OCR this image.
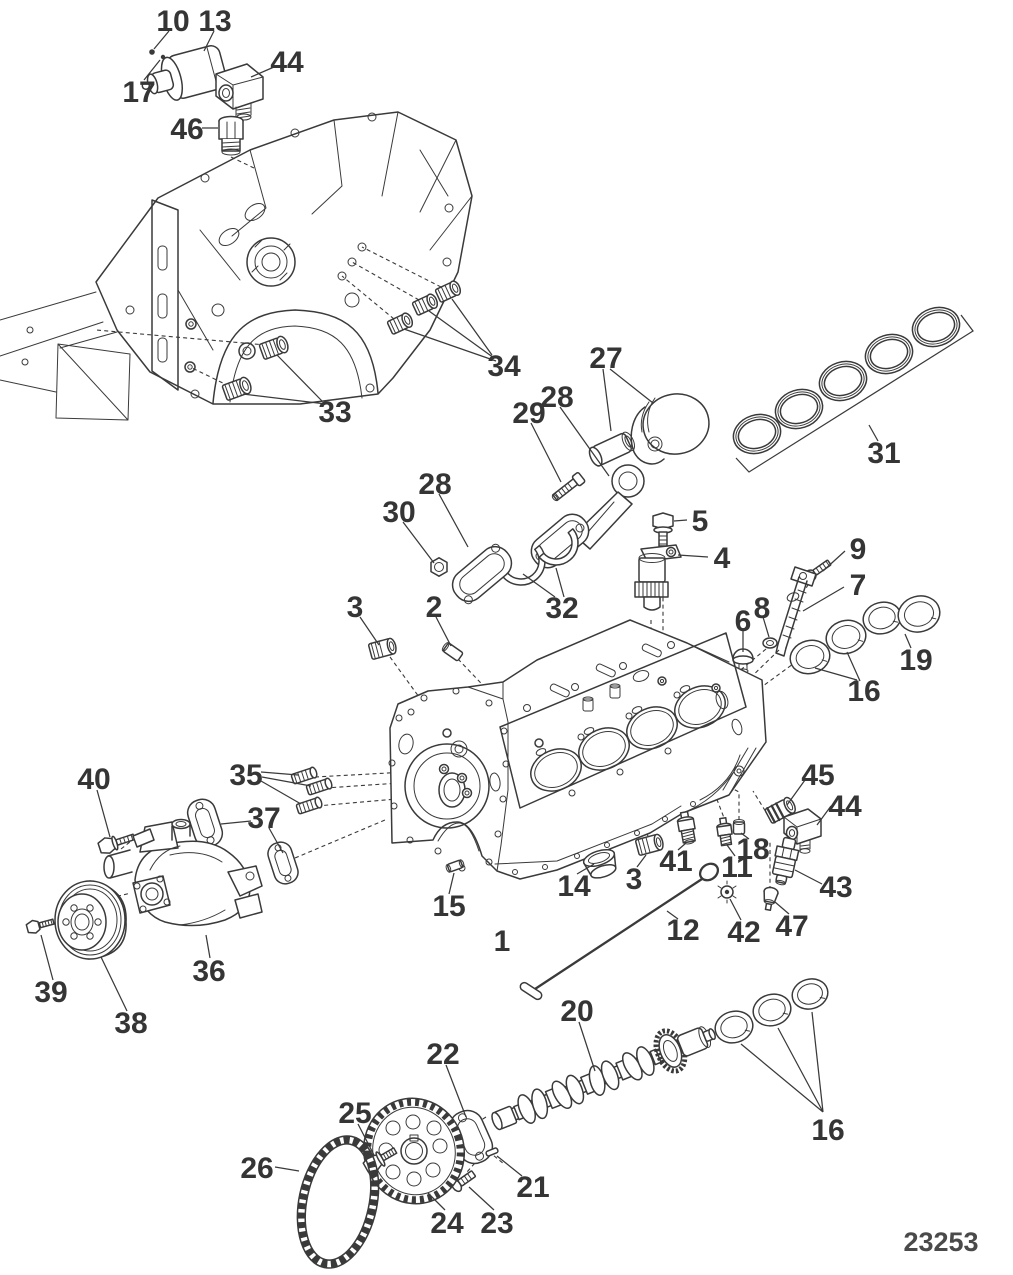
10 13
17
44
46
34
33
27
28
29
31
28
30	5
4	9
7
32
3 2	8
6
19
16
35
40
37
45
44
18
41 11
3
14	43
15
12 42 47
1
36
39
38	20
22
25
16
26
21
24 23
23253
